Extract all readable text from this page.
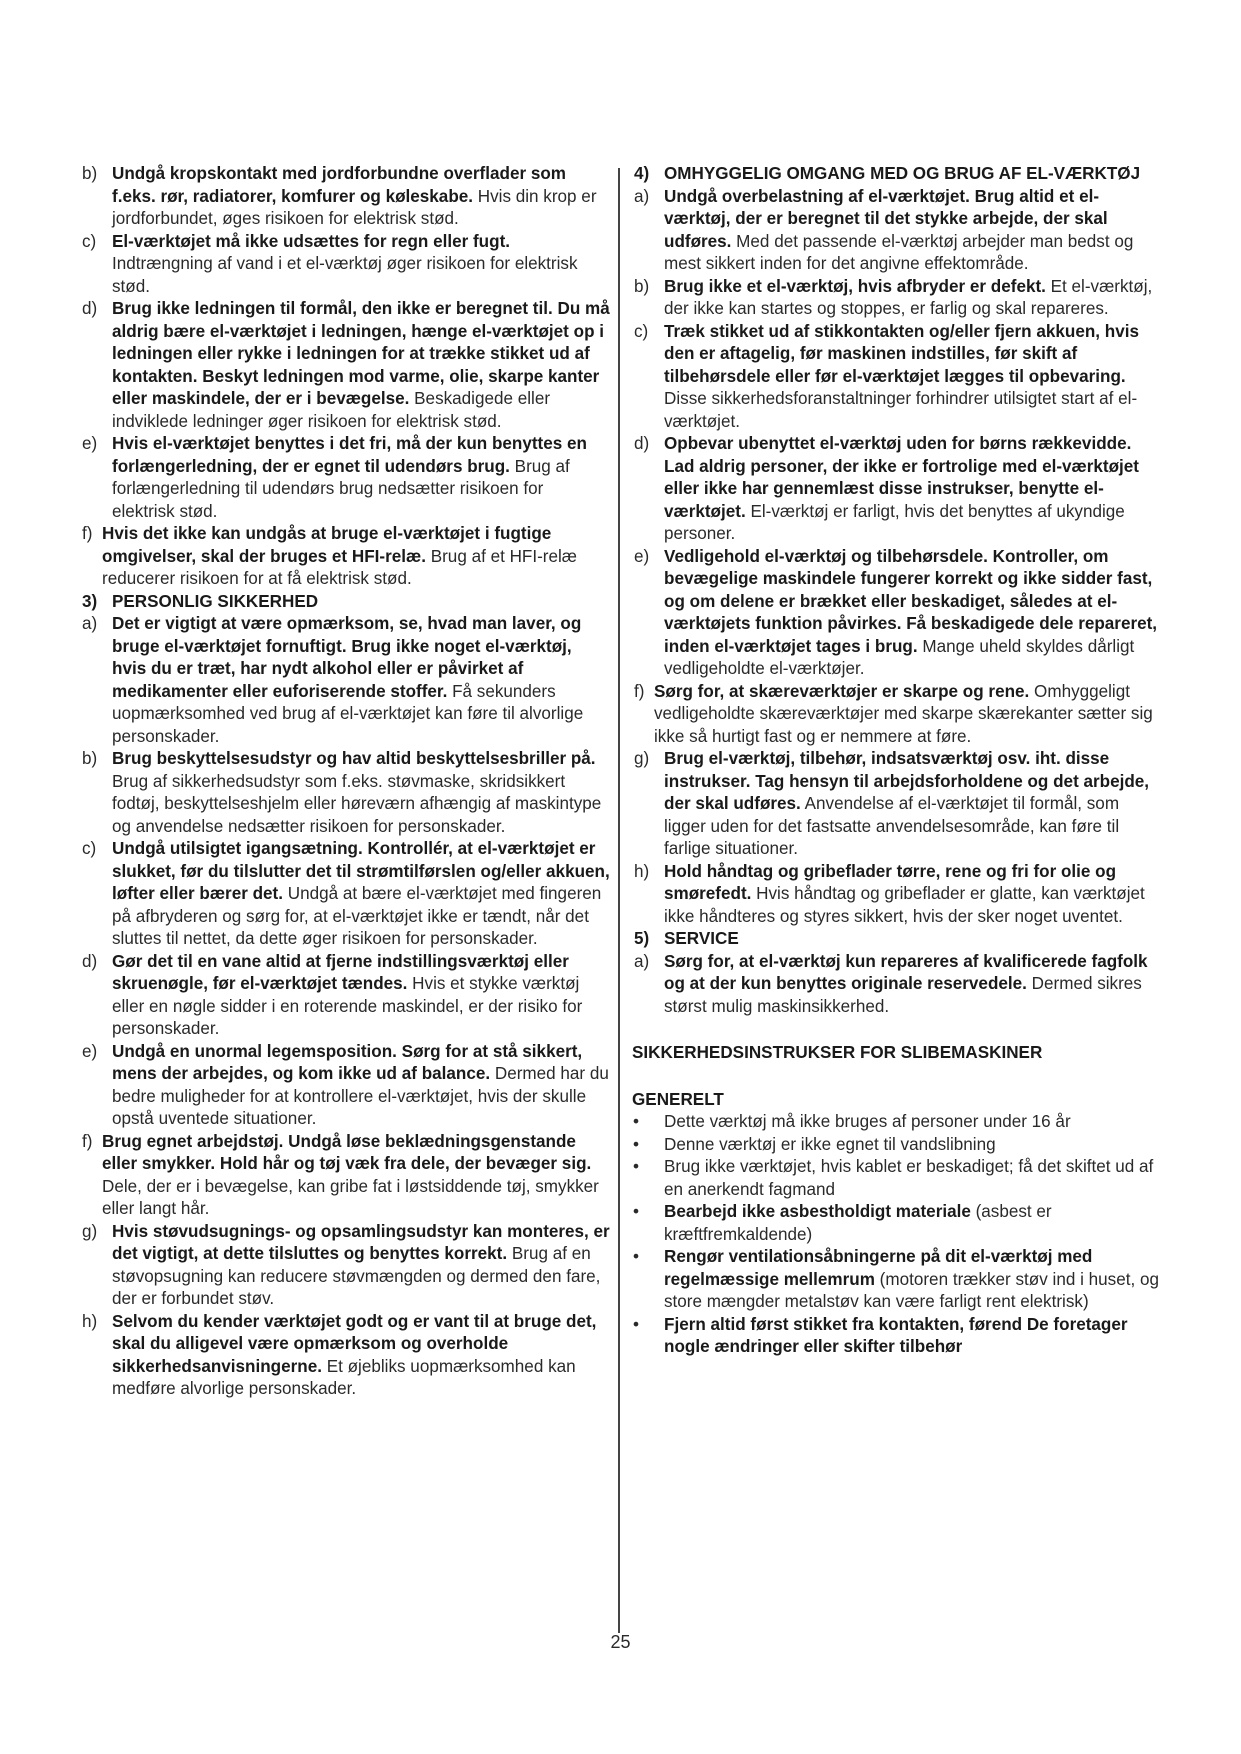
b) Undgå kropskontakt med jordforbundne overflader som f.eks. rør, radiatorer, komfurer og køleskabe. Hvis din krop er jordforbundet, øges risikoen for elektrisk stød.
c) El-værktøjet må ikke udsættes for regn eller fugt. Indtrængning af vand i et el-værktøj øger risikoen for elektrisk stød.
d) Brug ikke ledningen til formål, den ikke er beregnet til. Du må aldrig bære el-værktøjet i ledningen, hænge el-værktøjet op i ledningen eller rykke i ledningen for at trække stikket ud af kontakten. Beskyt ledningen mod varme, olie, skarpe kanter eller maskindele, der er i bevægelse. Beskadigede eller indviklede ledninger øger risikoen for elektrisk stød.
e) Hvis el-værktøjet benyttes i det fri, må der kun benyttes en forlængerledning, der er egnet til udendørs brug. Brug af forlængerledning til udendørs brug nedsætter risikoen for elektrisk stød.
f) Hvis det ikke kan undgås at bruge el-værktøjet i fugtige omgivelser, skal der bruges et HFI-relæ. Brug af et HFI-relæ reducerer risikoen for at få elektrisk stød.
3) PERSONLIG SIKKERHED
a) Det er vigtigt at være opmærksom, se, hvad man laver, og bruge el-værktøjet fornuftigt. Brug ikke noget el-værktøj, hvis du er træt, har nydt alkohol eller er påvirket af medikamenter eller euforiserende stoffer. Få sekunders uopmærksomhed ved brug af el-værktøjet kan føre til alvorlige personskader.
b) Brug beskyttelsesudstyr og hav altid beskyttelsesbriller på. Brug af sikkerhedsudstyr som f.eks. støvmaske, skridsikkert fodtøj, beskyttelseshjelm eller høreværn afhængig af maskintype og anvendelse nedsætter risikoen for personskader.
c) Undgå utilsigtet igangsætning. Kontrollér, at el-værktøjet er slukket, før du tilslutter det til strømtilførslen og/eller akkuen, løfter eller bærer det. Undgå at bære el-værktøjet med fingeren på afbryderen og sørg for, at el-værktøjet ikke er tændt, når det sluttes til nettet, da dette øger risikoen for personskader.
d) Gør det til en vane altid at fjerne indstillingsværktøj eller skruenøgle, før el-værktøjet tændes. Hvis et stykke værktøj eller en nøgle sidder i en roterende maskindel, er der risiko for personskader.
e) Undgå en unormal legemsposition. Sørg for at stå sikkert, mens der arbejdes, og kom ikke ud af balance. Dermed har du bedre muligheder for at kontrollere el-værktøjet, hvis der skulle opstå uventede situationer.
f) Brug egnet arbejdstøj. Undgå løse beklædningsgenstande eller smykker. Hold hår og tøj væk fra dele, der bevæger sig. Dele, der er i bevægelse, kan gribe fat i løstsiddende tøj, smykker eller langt hår.
g) Hvis støvudsugnings- og opsamlingsudstyr kan monteres, er det vigtigt, at dette tilsluttes og benyttes korrekt. Brug af en støvopsugning kan reducere støvmængden og dermed den fare, der er forbundet støv.
h) Selvom du kender værktøjet godt og er vant til at bruge det, skal du alligevel være opmærksom og overholde sikkerhedsanvisningerne. Et øjebliks uopmærksomhed kan medføre alvorlige personskader.
4) OMHYGGELIG OMGANG MED OG BRUG AF EL-VÆRKTØJ
a) Undgå overbelastning af el-værktøjet. Brug altid et el-værktøj, der er beregnet til det stykke arbejde, der skal udføres. Med det passende el-værktøj arbejder man bedst og mest sikkert inden for det angivne effektområde.
b) Brug ikke et el-værktøj, hvis afbryder er defekt. Et el-værktøj, der ikke kan startes og stoppes, er farlig og skal repareres.
c) Træk stikket ud af stikkontakten og/eller fjern akkuen, hvis den er aftagelig, før maskinen indstilles, før skift af tilbehørsdele eller før el-værktøjet lægges til opbevaring. Disse sikkerhedsforanstaltninger forhindrer utilsigtet start af el-værktøjet.
d) Opbevar ubenyttet el-værktøj uden for børns rækkevidde. Lad aldrig personer, der ikke er fortrolige med el-værktøjet eller ikke har gennemlæst disse instrukser, benytte el-værktøjet. El-værktøj er farligt, hvis det benyttes af ukyndige personer.
e) Vedligehold el-værktøj og tilbehørsdele. Kontroller, om bevægelige maskindele fungerer korrekt og ikke sidder fast, og om delene er brækket eller beskadiget, således at el-værktøjets funktion påvirkes. Få beskadigede dele repareret, inden el-værktøjet tages i brug. Mange uheld skyldes dårligt vedligeholdte el-værktøjer.
f) Sørg for, at skæreværktøjer er skarpe og rene. Omhyggeligt vedligeholdte skæreværktøjer med skarpe skærekanter sætter sig ikke så hurtigt fast og er nemmere at føre.
g) Brug el-værktøj, tilbehør, indsatsværktøj osv. iht. disse instrukser. Tag hensyn til arbejdsforholdene og det arbejde, der skal udføres. Anvendelse af el-værktøjet til formål, som ligger uden for det fastsatte anvendelsesområde, kan føre til farlige situationer.
h) Hold håndtag og gribeflader tørre, rene og fri for olie og smørefedt. Hvis håndtag og gribeflader er glatte, kan værktøjet ikke håndteres og styres sikkert, hvis der sker noget uventet.
5) SERVICE
a) Sørg for, at el-værktøj kun repareres af kvalificerede fagfolk og at der kun benyttes originale reservedele. Dermed sikres størst mulig maskinsikkerhed.
SIKKERHEDSINSTRUKSER FOR SLIBEMASKINER
GENERELT
• Dette værktøj må ikke bruges af personer under 16 år
• Denne værktøj er ikke egnet til vandslibning
• Brug ikke værktøjet, hvis kablet er beskadiget; få det skiftet ud af en anerkendt fagmand
• Bearbejd ikke asbestholdigt materiale (asbest er kræftfremkaldende)
• Rengør ventilationsåbningerne på dit el-værktøj med regelmæssige mellemrum (motoren trækker støv ind i huset, og store mængder metalstøv kan være farligt rent elektrisk)
• Fjern altid først stikket fra kontakten, førend De foretager nogle ændringer eller skifter tilbehør
25
